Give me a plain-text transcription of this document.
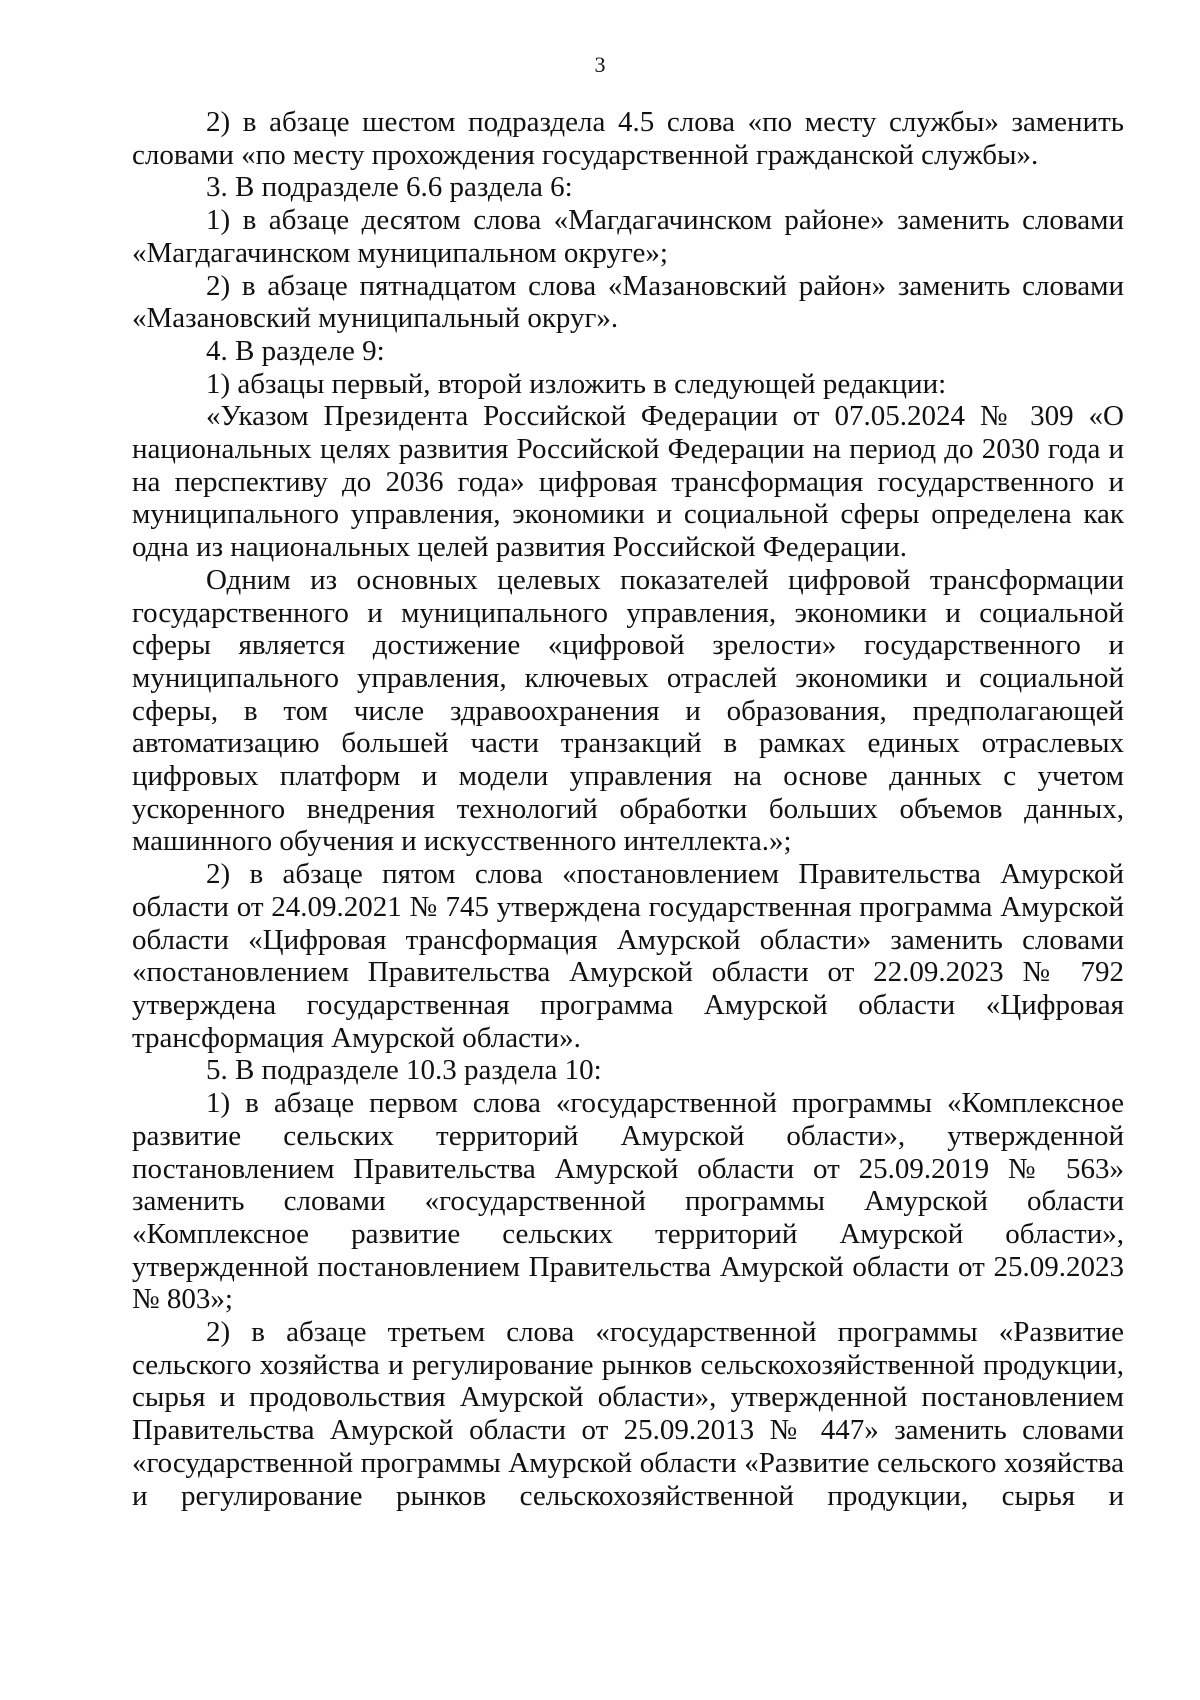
3

2) в абзаце шестом подраздела 4.5 слова «по месту службы» заменить словами «по месту прохождения государственной гражданской службы».

3. В подразделе 6.6 раздела 6:

1) в абзаце десятом слова «Магдагачинском районе» заменить словами «Магдагачинском муниципальном округе»;

2) в абзаце пятнадцатом слова «Мазановский район» заменить словами «Мазановский муниципальный округ».

4. В разделе 9:

1) абзацы первый, второй изложить в следующей редакции:

«Указом Президента Российской Федерации от 07.05.2024 № 309 «О национальных целях развития Российской Федерации на период до 2030 года и на перспективу до 2036 года» цифровая трансформация государственного и муниципального управления, экономики и социальной сферы определена как одна из национальных целей развития Российской Федерации.

Одним из основных целевых показателей цифровой трансформации государственного и муниципального управления, экономики и социальной сферы является достижение «цифровой зрелости» государственного и муниципального управления, ключевых отраслей экономики и социальной сферы, в том числе здравоохранения и образования, предполагающей автоматизацию большей части транзакций в рамках единых отраслевых цифровых платформ и модели управления на основе данных с учетом ускоренного внедрения технологий обработки больших объемов данных, машинного обучения и искусственного интеллекта.»;

2) в абзаце пятом слова «постановлением Правительства Амурской области от 24.09.2021 № 745 утверждена государственная программа Амурской области «Цифровая трансформация Амурской области» заменить словами «постановлением Правительства Амурской области от 22.09.2023 № 792 утверждена государственная программа Амурской области «Цифровая трансформация Амурской области».

5. В подразделе 10.3 раздела 10:

1) в абзаце первом слова «государственной программы «Комплексное развитие сельских территорий Амурской области», утвержденной постановлением Правительства Амурской области от 25.09.2019 № 563» заменить словами «государственной программы Амурской области «Комплексное развитие сельских территорий Амурской области», утвержденной постановлением Правительства Амурской области от 25.09.2023 № 803»;

2) в абзаце третьем слова «государственной программы «Развитие сельского хозяйства и регулирование рынков сельскохозяйственной продукции, сырья и продовольствия Амурской области», утвержденной постановлением Правительства Амурской области от 25.09.2013 № 447» заменить словами «государственной программы Амурской области «Развитие сельского хозяйства и регулирование рынков сельскохозяйственной продукции, сырья и
